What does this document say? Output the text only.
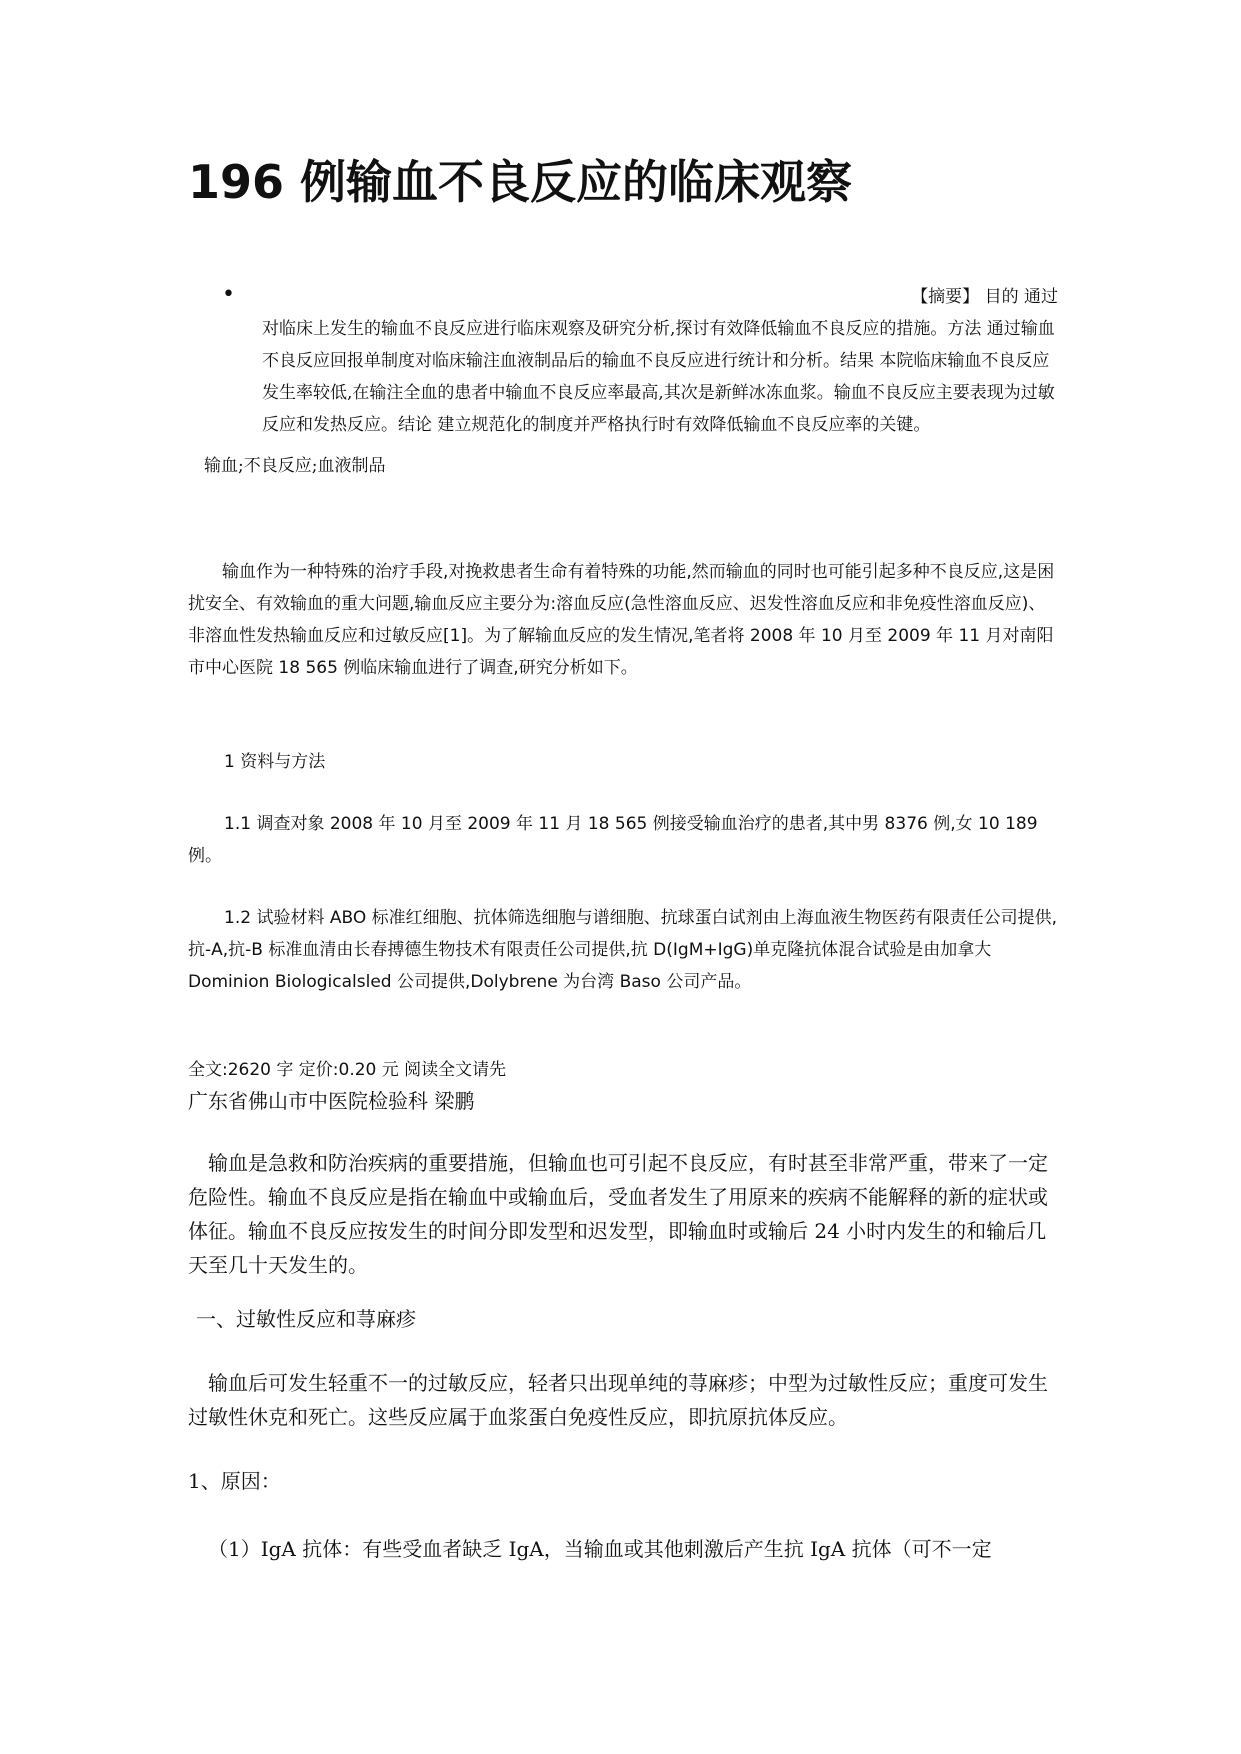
196 例输血不良反应的临床观察
•	【摘要】 目的 通过
对临床上发生的输血不良反应进行临床观察及研究分析,探讨有效降低输血不良反应的措施。方法 通过输血不良反应回报单制度对临床输注血液制品后的输血不良反应进行统计和分析。结果 本院临床输血不良反应发生率较低,在输注全血的患者中输血不良反应率最高,其次是新鲜冰冻血浆。输血不良反应主要表现为过敏反应和发热反应。结论 建立规范化的制度并严格执行时有效降低输血不良反应率的关键。

输血;不良反应;血液制品

输血作为一种特殊的治疗手段,对挽救患者生命有着特殊的功能,然而输血的同时也可能引起多种不良反应,这是困扰安全、有效输血的重大问题,输血反应主要分为:溶血反应(急性溶血反应、迟发性溶血反应和非免疫性溶血反应)、非溶血性发热输血反应和过敏反应[1]。为了解输血反应的发生情况,笔者将 2008 年 10 月至 2009 年 11 月对南阳市中心医院 18 565 例临床输血进行了调查,研究分析如下。

1 资料与方法

1.1 调查对象 2008 年 10 月至 2009 年 11 月 18 565 例接受输血治疗的患者,其中男 8376 例,女 10 189 例。

1.2 试验材料 ABO 标准红细胞、抗体筛选细胞与谱细胞、抗球蛋白试剂由上海血液生物医药有限责任公司提供,抗-A,抗-B 标准血清由长春搏德生物技术有限责任公司提供,抗 D(IgM+IgG)单克隆抗体混合试验是由加拿大 Dominion Biologicalsled 公司提供,Dolybrene 为台湾 Baso 公司产品。

全文:2620 字 定价:0.20 元 阅读全文请先

广东省佛山市中医院检验科 梁鹏

输血是急救和防治疾病的重要措施，但输血也可引起不良反应，有时甚至非常严重，带来了一定危险性。输血不良反应是指在输血中或输血后，受血者发生了用原来的疾病不能解释的新的症状或体征。输血不良反应按发生的时间分即发型和迟发型，即输血时或输后 24 小时内发生的和输后几天至几十天发生的。

一、过敏性反应和荨麻疹

输血后可发生轻重不一的过敏反应，轻者只出现单纯的荨麻疹；中型为过敏性反应；重度可发生过敏性休克和死亡。这些反应属于血浆蛋白免疫性反应，即抗原抗体反应。

1、原因：

（1）IgA 抗体：有些受血者缺乏 IgA，当输血或其他刺激后产生抗 IgA 抗体（可不一定
